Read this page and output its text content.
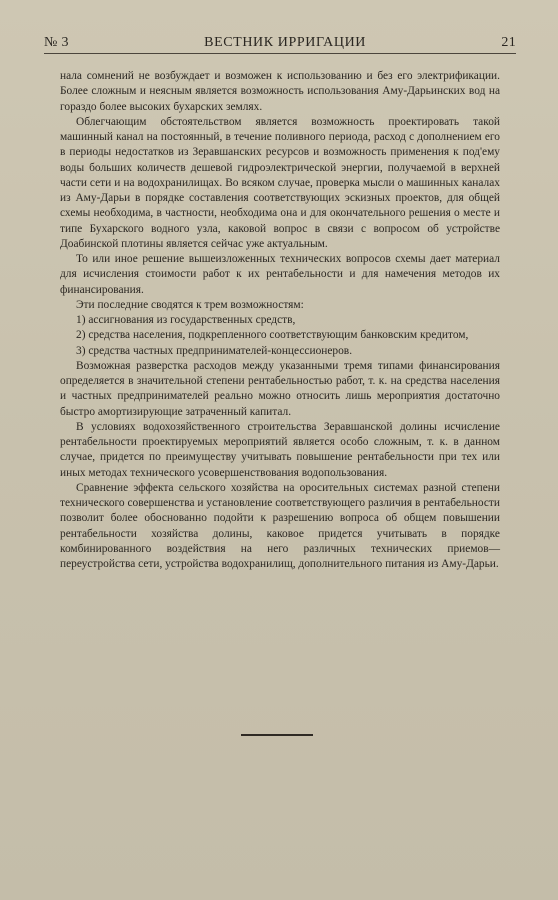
№ 3	ВЕСТНИК ИРРИГАЦИИ	21

нала сомнений не возбуждает и возможен к использованию и без его электрификации. Более сложным и неясным является возможность использования Аму-Дарьинских вод на гораздо более высоких бухарских землях.

Облегчающим обстоятельством является возможность проектировать такой машинный канал на постоянный, в течение поливного периода, расход с дополнением его в периоды недостатков из Зеравшанских ресурсов и возможность применения к под'ему воды больших количеств дешевой гидроэлектрической энергии, получаемой в верхней части сети и на водохранилищах. Во всяком случае, проверка мысли о машинных каналах из Аму-Дарьи в порядке составления соответствующих эскизных проектов, для общей схемы необходима, в частности, необходима она и для окончательного решения о месте и типе Бухарского водного узла, каковой вопрос в связи с вопросом об устройстве Доабинской плотины является сейчас уже актуальным.

То или иное решение вышеизложенных технических вопросов схемы дает материал для исчисления стоимости работ к их рентабельности и для намечения методов их финансирования.

Эти последние сводятся к трем возможностям:

1) ассигнования из государственных средств,

2) средства населения, подкрепленного соответствующим банковским кредитом,

3) средства частных предпринимателей-концессионеров.

Возможная разверстка расходов между указанными тремя типами финансирования определяется в значительной степени рентабельностью работ, т. к. на средства населения и частных предпринимателей реально можно относить лишь мероприятия достаточно быстро амортизирующие затраченный капитал.

В условиях водохозяйственного строительства Зеравшанской долины исчисление рентабельности проектируемых мероприятий является особо сложным, т. к. в данном случае, придется по преимуществу учитывать повышение рентабельности при тех или иных методах технического усовершенствования водопользования.

Сравнение эффекта сельского хозяйства на оросительных системах разной степени технического совершенства и установление соответствующего различия в рентабельности позволит более обоснованно подойти к разрешению вопроса об общем повышении рентабельности хозяйства долины, каковое придется учитывать в порядке комбинированного воздействия на него различных технических приемов—переустройства сети, устройства водохранилищ, дополнительного питания из Аму-Дарьи.
